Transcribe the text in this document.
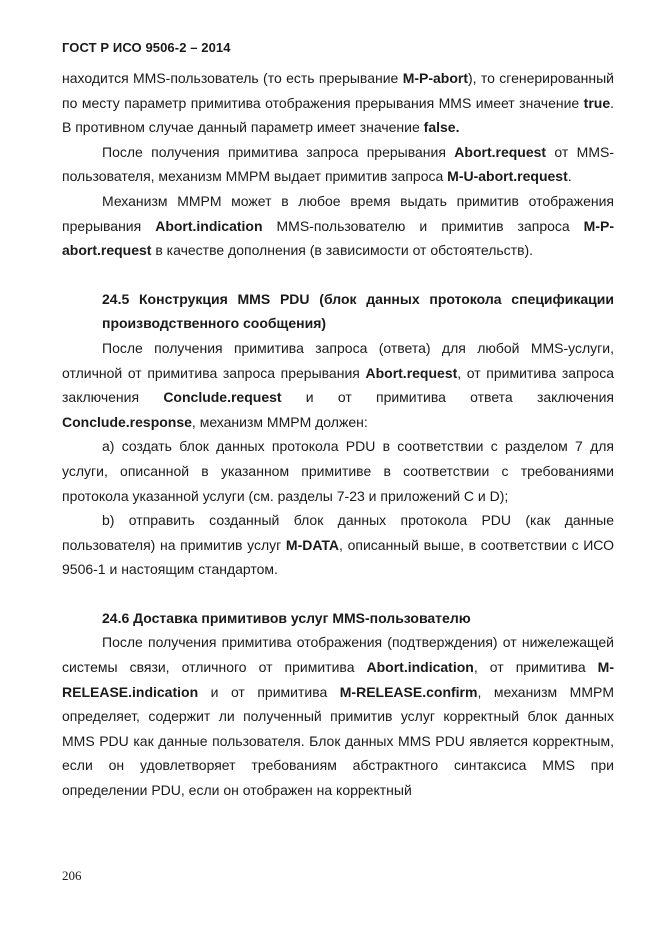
ГОСТ Р ИСО 9506-2 – 2014

находится MMS-пользователь (то есть прерывание M-P-abort), то сгенерированный по месту параметр примитива отображения прерывания MMS имеет значение true. В противном случае данный параметр имеет значение false.

После получения примитива запроса прерывания Abort.request от MMS-пользователя, механизм MMPM выдает примитив запроса M-U-abort.request.

Механизм MMPM может в любое время выдать примитив отображения прерывания Abort.indication MMS-пользователю и примитив запроса M-P-abort.request в качестве дополнения (в зависимости от обстоятельств).

24.5 Конструкция MMS PDU (блок данных протокола спецификации производственного сообщения)

После получения примитива запроса (ответа) для любой MMS-услуги, отличной от примитива запроса прерывания Abort.request, от примитива запроса заключения Conclude.request и от примитива ответа заключения Conclude.response, механизм MMPM должен:

a) создать блок данных протокола PDU в соответствии с разделом 7 для услуги, описанной в указанном примитиве в соответствии с требованиями протокола указанной услуги (см. разделы 7-23 и приложений C и D);

b) отправить созданный блок данных протокола PDU (как данные пользователя) на примитив услуг M-DATA, описанный выше, в соответствии с ИСО 9506-1 и настоящим стандартом.

24.6 Доставка примитивов услуг MMS-пользователю

После получения примитива отображения (подтверждения) от нижележащей системы связи, отличного от примитива Abort.indication, от примитива M-RELEASE.indication и от примитива M-RELEASE.confirm, механизм MMPM определяет, содержит ли полученный примитив услуг корректный блок данных MMS PDU как данные пользователя. Блок данных MMS PDU является корректным, если он удовлетворяет требованиям абстрактного синтаксиса MMS при определении PDU, если он отображен на корректный

206
